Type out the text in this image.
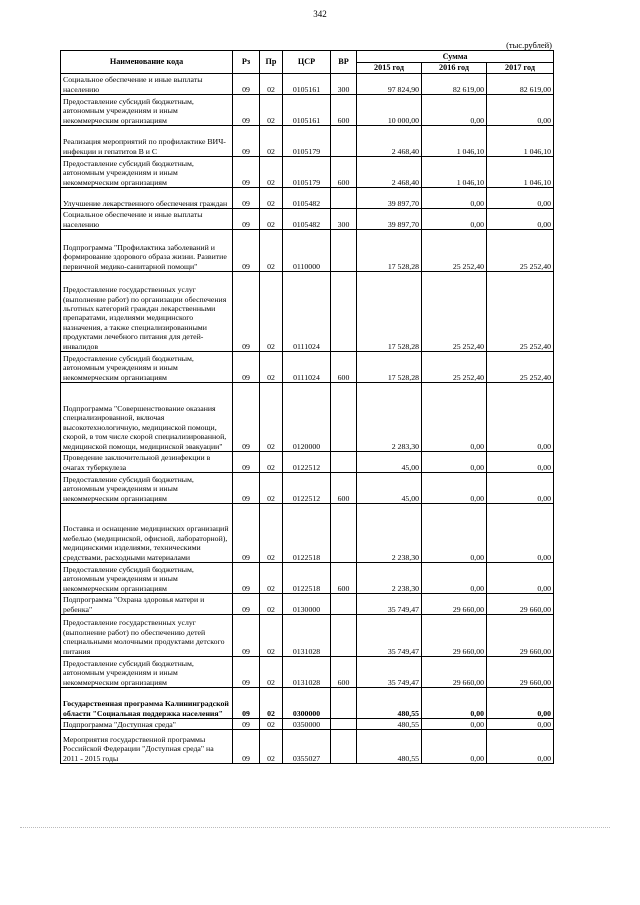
342
(тыс.рублей)
Наименование кода	Рз	Пр	ЦСР	ВР	Сумма		
					2015 год	2016 год	2017 год
Социальное обеспечение и иные выплаты населению	09	02	0105161	300	97 824,90	82 619,00	82 619,00
Предоставление субсидий бюджетным, автономным учреждениям и иным некоммерческим организациям	09	02	0105161	600	10 000,00	0,00	0,00
Реализация мероприятий по профилактике ВИЧ-инфекции и гепатитов В и С	09	02	0105179		2 468,40	1 046,10	1 046,10
Предоставление субсидий бюджетным, автономным учреждениям и иным некоммерческим организациям	09	02	0105179	600	2 468,40	1 046,10	1 046,10
Улучшение лекарственного обеспечения граждан	09	02	0105482		39 897,70	0,00	0,00
Социальное обеспечение и иные выплаты населению	09	02	0105482	300	39 897,70	0,00	0,00
Подпрограмма "Профилактика заболеваний и формирование здорового образа жизни. Развитие первичной медико-санитарной помощи"	09	02	0110000		17 528,28	25 252,40	25 252,40
Предоставление государственных услуг (выполнение работ) по организации обеспечения льготных категорий граждан лекарственными препаратами, изделиями медицинского назначения, а также специализированными продуктами лечебного питания для детей-инвалидов	09	02	0111024		17 528,28	25 252,40	25 252,40
Предоставление субсидий бюджетным, автономным учреждениям и иным некоммерческим организациям	09	02	0111024	600	17 528,28	25 252,40	25 252,40
Подпрограмма "Совершенствование оказания специализированной, включая высокотехнологичную, медицинской помощи, скорой, в том числе скорой специализированной, медицинской помощи, медицинской эвакуации"	09	02	0120000		2 283,30	0,00	0,00
Проведение заключительной дезинфекции в очагах туберкулеза	09	02	0122512		45,00	0,00	0,00
Предоставление субсидий бюджетным, автономным учреждениям и иным некоммерческим организациям	09	02	0122512	600	45,00	0,00	0,00
Поставка и оснащение медицинских организаций мебелью (медицинской, офисной, лабораторной), медицинскими изделиями, техническими средствами, расходными материалами	09	02	0122518		2 238,30	0,00	0,00
Предоставление субсидий бюджетным, автономным учреждениям и иным некоммерческим организациям	09	02	0122518	600	2 238,30	0,00	0,00
Подпрограмма "Охрана здоровья матери и ребенка"	09	02	0130000		35 749,47	29 660,00	29 660,00
Предоставление государственных услуг (выполнение работ) по обеспечению детей специальными молочными продуктами детского питания	09	02	0131028		35 749,47	29 660,00	29 660,00
Предоставление субсидий бюджетным, автономным учреждениям и иным некоммерческим организациям	09	02	0131028	600	35 749,47	29 660,00	29 660,00
Государственная программа Калининградской области "Социальная поддержка населения"	09	02	0300000		480,55	0,00	0,00
Подпрограмма "Доступная среда"	09	02	0350000		480,55	0,00	0,00
Мероприятия государственной программы Российской Федерации "Доступная среда" на 2011 - 2015 годы	09	02	0355027		480,55	0,00	0,00
